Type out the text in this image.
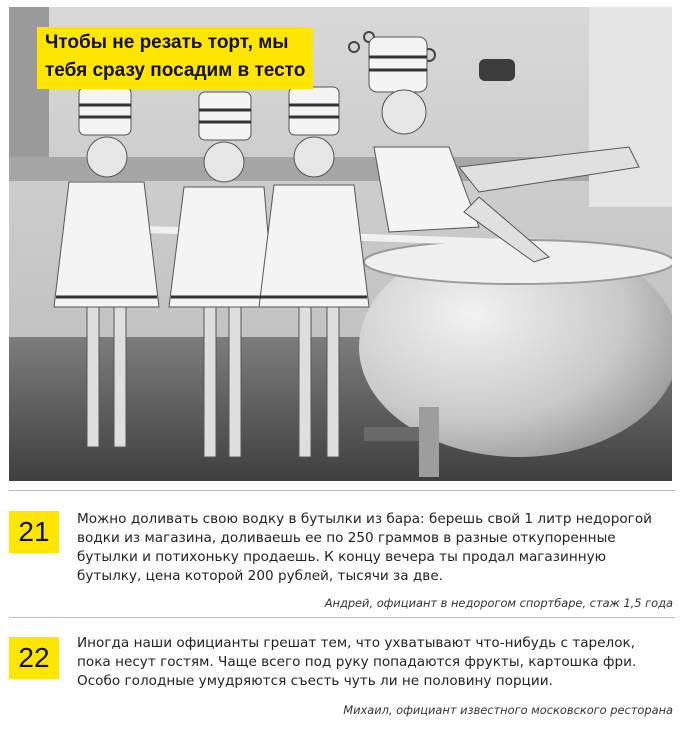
Чтобы не резать торт, мы
тебя сразу посадим в тесто
21	Можно доливать свою водку в бутылки из бара: берешь свой 1 литр недорогой водки из магазина, доливаешь ее по 250 граммов в разные откупоренные бутылки и потихоньку продаешь. К концу вечера ты продал магазинную бутылку, цена которой 200 рублей, тысячи за две.
Андрей, официант в недорогом спортбаре, стаж 1,5 года
22	Иногда наши официанты грешат тем, что ухватывают что-нибудь с тарелок, пока несут гостям. Чаще всего под руку попадаются фрукты, картошка фри. Особо голодные умудряются съесть чуть ли не половину порции.
Михаил, официант известного московского ресторана
